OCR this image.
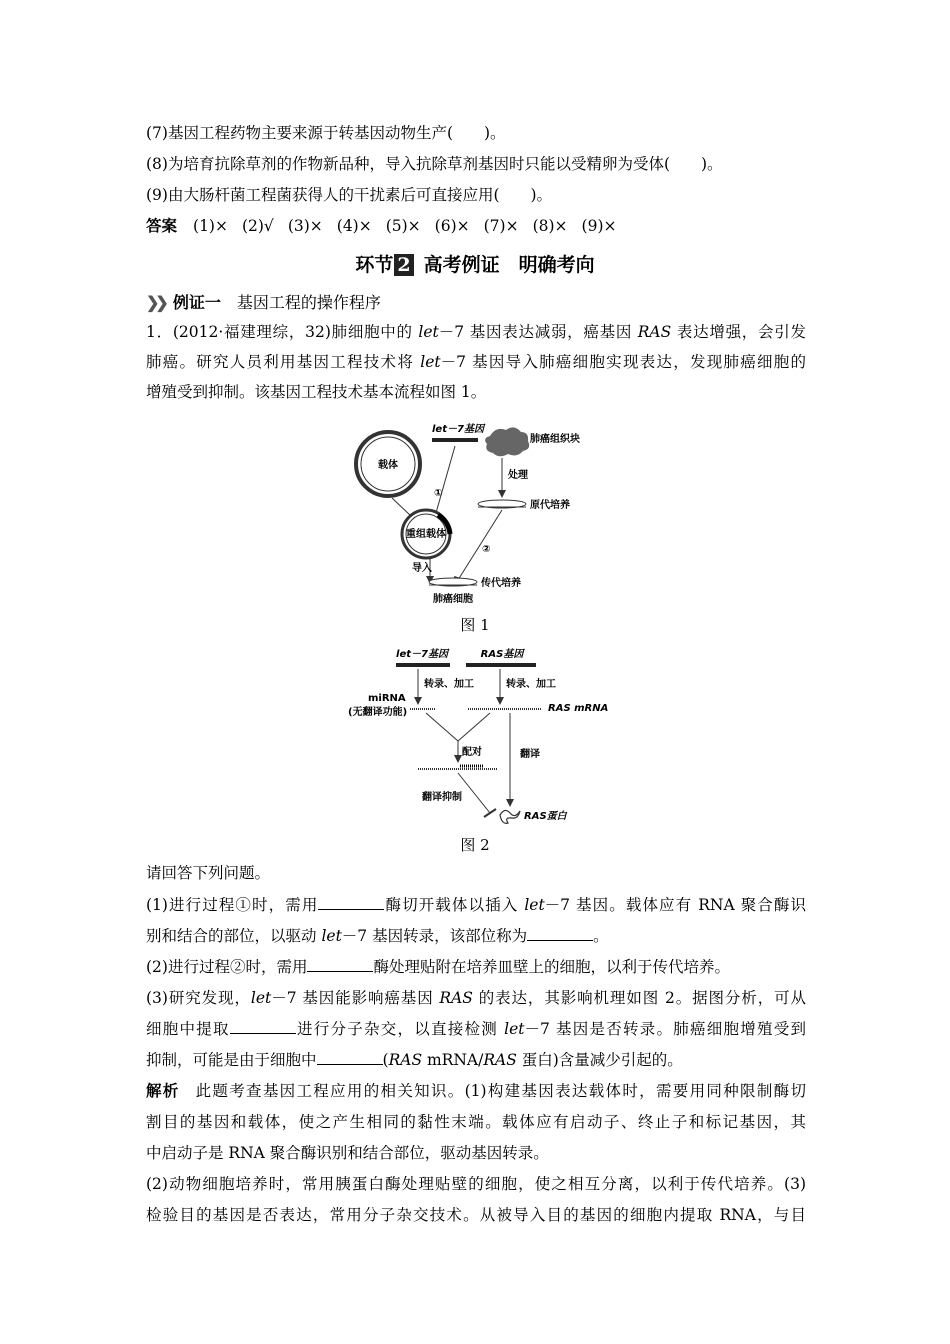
(7)基因工程药物主要来源于转基因动物生产(　　)。
(8)为培育抗除草剂的作物新品种，导入抗除草剂基因时只能以受精卵为受体(　　)。
(9)由大肠杆菌工程菌获得人的干扰素后可直接应用(　　)。
答案 (1)× (2)√ (3)× (4)× (5)× (6)× (7)× (8)× (9)×
环节 2 高考例证　明确考向
❯❯ 例证一 基因工程的操作程序
1．(2012·福建理综，32)肺细胞中的 let－7 基因表达减弱，癌基因 RAS 表达增强，会引发
肺癌。研究人员利用基因工程技术将 let－7 基因导入肺癌细胞实现表达，发现肺癌细胞的
增殖受到抑制。该基因工程技术基本流程如图 1。
载体
let－7基因
肺癌组织块
①
重组载体
导入
处理
原代培养
②
传代培养
肺癌细胞
图 1
let－7基因	RAS基因
转录、加工	转录、加工
miRNA
(无翻译功能)	RAS mRNA
配对	翻译
翻译抑制
RAS蛋白
图 2
请回答下列问题。
(1)进行过程①时，需用	酶切开载体以插入 let－7 基因。载体应有 RNA 聚合酶识
别和结合的部位，以驱动 let－7 基因转录，该部位称为	。
(2)进行过程②时，需用	酶处理贴附在培养皿壁上的细胞，以利于传代培养。
(3)研究发现，let－7 基因能影响癌基因 RAS 的表达，其影响机理如图 2。据图分析，可从
细胞中提取	进行分子杂交，以直接检测 let－7 基因是否转录。肺癌细胞增殖受到
抑制，可能是由于细胞中	(RAS mRNA/RAS 蛋白)含量减少引起的。
解析 此题考查基因工程应用的相关知识。(1)构建基因表达载体时，需要用同种限制酶切
割目的基因和载体，使之产生相同的黏性末端。载体应有启动子、终止子和标记基因，其
中启动子是 RNA 聚合酶识别和结合部位，驱动基因转录。
(2)动物细胞培养时，常用胰蛋白酶处理贴壁的细胞，使之相互分离，以利于传代培养。(3)
检验目的基因是否表达，常用分子杂交技术。从被导入目的基因的细胞内提取 RNA，与目
